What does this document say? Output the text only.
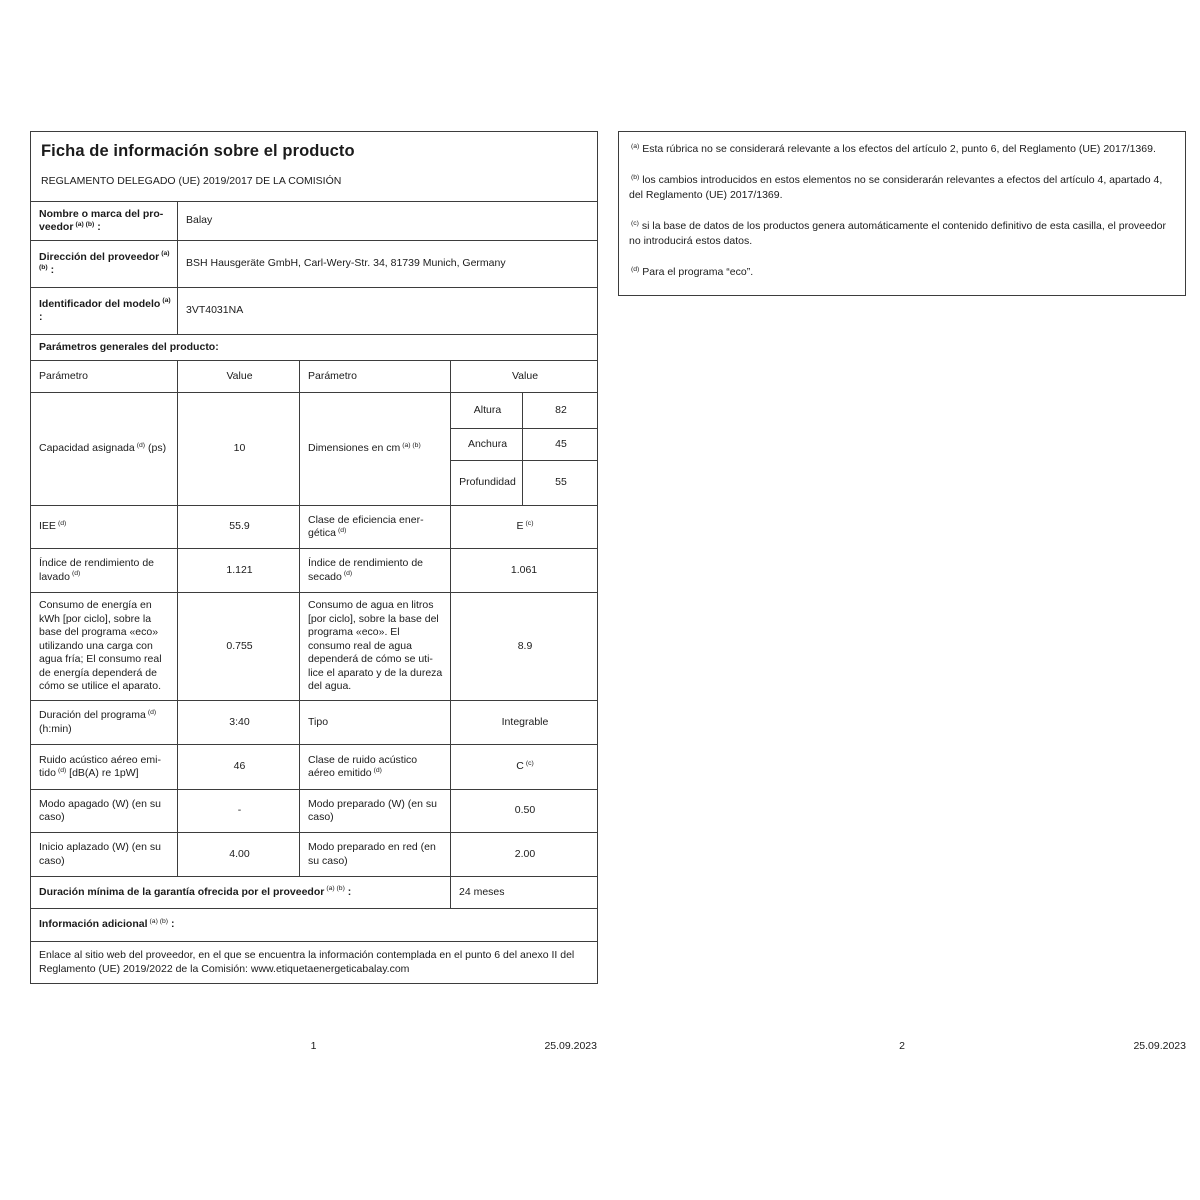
Ficha de información sobre el producto
REGLAMENTO DELEGADO (UE) 2019/2017 DE LA COMISIÓN				

Nombre o marca del proveedor $^{(a) (b)}$ :	Balay			
Dirección del proveedor $^{(a) (b)}$ :	BSH Hausgeräte GmbH, Carl-Wery-Str. 34, 81739 Munich, Germany			
Identificador del modelo $^{(a)}$ :	3VT4031NA			
Parámetros generales del producto:				
Parámetro	Value	Parámetro	Value	
Capacidad asignada $^{(d)}$ (ps)	10	Dimensiones en cm $^{(a) (b)}$	Altura	82
			Anchura	45
			Profundidad	55
IEE $^{(d)}$	55.9	Clase de eficiencia energética $^{(d)}$	E $^{(c)}$
Índice de rendimiento de lavado $^{(d)}$	1.121	Índice de rendimiento de secado $^{(d)}$	1.061	
Consumo de energía en kWh [por ciclo], sobre la base del programa «eco» utilizando una carga con agua fría; El consumo real de energía dependerá de cómo se utilice el aparato.	0.755	Consumo de agua en litros [por ciclo], sobre la base del programa «eco». El consumo real de agua dependerá de cómo se utilice el aparato y de la dureza del agua.	8.9	
Duración del programa $^{(d)}$ (h:min)	3:40	Tipo	Integrable	
Ruido acústico aéreo emitido $^{(d)}$ [dB(A) re 1pW]	46	Clase de ruido acústico aéreo emitido $^{(d)}$	C $^{(c)}$
Modo apagado (W) (en su caso)	-	Modo preparado (W) (en su caso)	0.50	
Inicio aplazado (W) (en su caso)	4.00	Modo preparado en red (en su caso)	2.00	
Duración mínima de la garantía ofrecida por el proveedor $^{(a) (b)}$ :			24 meses	
Información adicional $^{(a) (b)}$ :				
Enlace al sitio web del proveedor, en el que se encuentra la información contemplada en el punto 6 del anexo II del Reglamento (UE) 2019/2022 de la Comisión: www.etiquetaenergeticabalay.com				

$^{(a)}$ Esta rúbrica no se considerará relevante a los efectos del artículo 2, punto 6, del Reglamento (UE) 2017/1369.

$^{(b)}$ los cambios introducidos en estos elementos no se considerarán relevantes a efectos del artículo 4, apartado 4, del Reglamento (UE) 2017/1369.

$^{(c)}$ si la base de datos de los productos genera automáticamente el contenido definitivo de esta casilla, el proveedor no introducirá estos datos.

$^{(d)}$ Para el programa “eco”.

1	25.09.2023	2	25.09.2023
